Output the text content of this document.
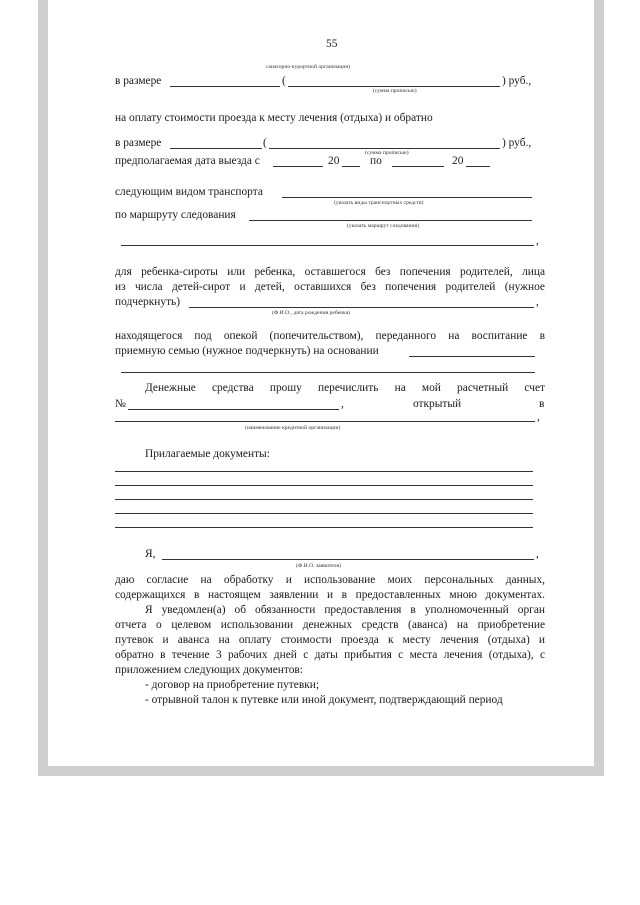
55
санаторно-курортной организации)
в размере	(	) руб.,
(сумма прописью)
на оплату стоимости проезда к месту лечения (отдыха) и обратно
в размере	(	) руб.,
(сумма прописью)
предполагаемая дата выезда с	20	по	20
следующим видом транспорта
(указать виды транспортных средств)
по маршруту следования
(указать маршрут следования)
,
для ребенка-сироты или ребенка, оставшегося без попечения родителей, лица
из числа детей-сирот и детей, оставшихся без попечения родителей (нужное
подчеркнуть)	,
(Ф.И.О., дата рождения ребенка)
находящегося под опекой (попечительством), переданного на воспитание в
приемную семью (нужное подчеркнуть) на основании
Денежные средства прошу перечислить на мой расчетный счет
№	,	открытый	в
,
(наименование кредитной организации)
Прилагаемые документы:
Я,	,
(Ф.И.О. заявителя)
даю согласие на обработку и использование моих персональных данных,
содержащихся в настоящем заявлении и в предоставленных мною документах.
Я уведомлен(а) об обязанности предоставления в уполномоченный орган
отчета о целевом использовании денежных средств (аванса) на приобретение
путевок и аванса на оплату стоимости проезда к месту лечения (отдыха) и
обратно в течение 3 рабочих дней с даты прибытия с места лечения (отдыха), с
приложением следующих документов:
- договор на приобретение путевки;
- отрывной талон к путевке или иной документ, подтверждающий период
